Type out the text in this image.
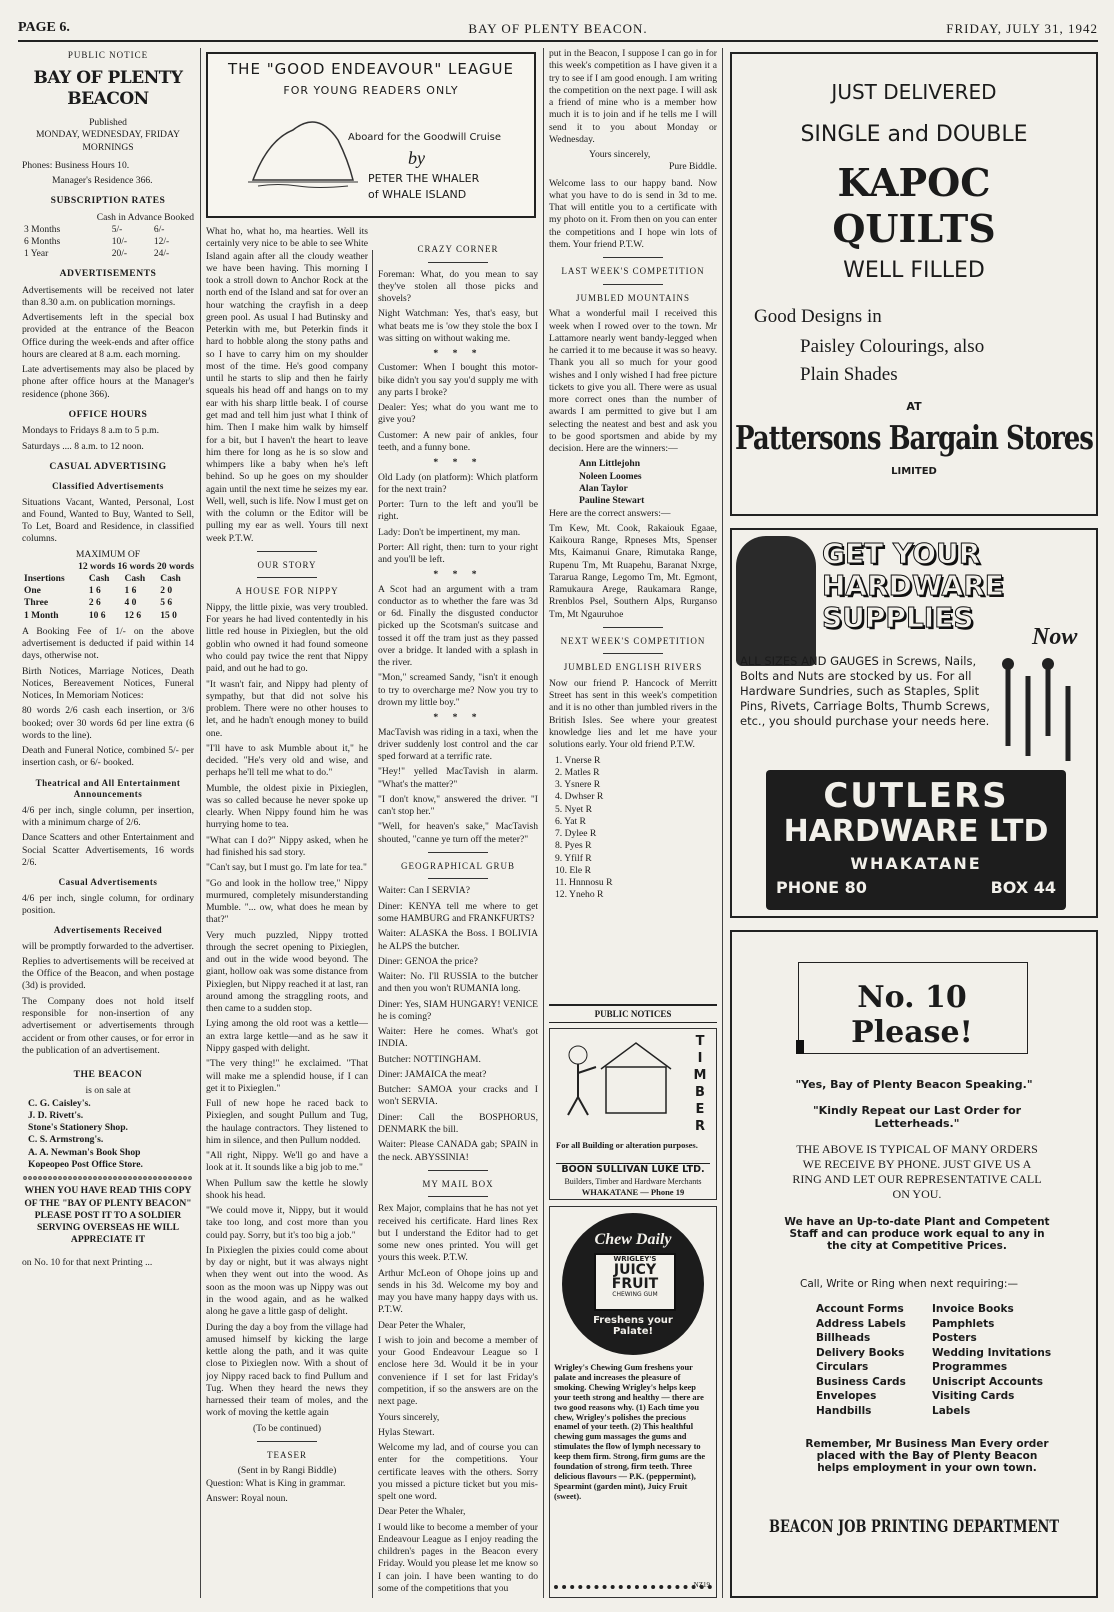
PAGE 6.	BAY OF PLENTY BEACON.	FRIDAY, JULY 31, 1942
PUBLIC NOTICE
BAY OF PLENTY BEACON
Published
MONDAY, WEDNESDAY, FRIDAY MORNINGS

Phones: Business Hours 10.

Manager's Residence 366.

SUBSCRIPTION RATES
Cash in Advance Booked
3 Months	5/-	6/-
6 Months	10/-	12/-
1 Year	20/-	24/-
ADVERTISEMENTS

Advertisements will be received not later than 8.30 a.m. on publication mornings.

Advertisements left in the special box provided at the entrance of the Beacon Office during the week-ends and after office hours are cleared at 8 a.m. each morning.

Late advertisements may also be placed by phone after office hours at the Manager's residence (phone 366).

OFFICE HOURS

Mondays to Fridays 8 a.m to 5 p.m.

Saturdays .... 8 a.m. to 12 noon.

CASUAL ADVERTISING
Classified Advertisements

Situations Vacant, Wanted, Personal, Lost and Found, Wanted to Buy, Wanted to Sell, To Let, Board and Residence, in classified columns.

MAXIMUM OF
12 words 16 words 20 words
Insertions	Cash	Cash	Cash
One	1 6	1 6	2 0
Three	2 6	4 0	5 6
1 Month	10 6	12 6	15 0

A Booking Fee of 1/- on the above advertisement is deducted if paid within 14 days, otherwise not.

Birth Notices, Marriage Notices, Death Notices, Bereavement Notices, Funeral Notices, In Memoriam Notices:

80 words 2/6 cash each insertion, or 3/6 booked; over 30 words 6d per line extra (6 words to the line).

Death and Funeral Notice, combined 5/- per insertion cash, or 6/- booked.

Theatrical and All Entertainment Announcements

4/6 per inch, single column, per insertion, with a minimum charge of 2/6.

Dance Scatters and other Entertainment and Social Scatter Advertisements, 16 words 2/6.

Casual Advertisements

4/6 per inch, single column, for ordinary position.

Advertisements Received

will be promptly forwarded to the advertiser.

Replies to advertisements will be received at the Office of the Beacon, and when postage (3d) is provided.

The Company does not hold itself responsible for non-insertion of any advertisement or advertisements through accident or from other causes, or for error in the publication of an advertisement.

THE BEACON
is on sale at
C. G. Caisley's.
J. D. Rivett's.
Stone's Stationery Shop.
C. S. Armstrong's.
A. A. Newman's Book Shop
Kopeopeo Post Office Store.
oooooooooooooooooooooooooooooooooo

WHEN YOU HAVE READ THIS COPY OF THE "BAY OF PLENTY BEACON" PLEASE POST IT TO A SOLDIER SERVING OVERSEAS HE WILL APPRECIATE IT

on No. 10 for that next Printing ...

THE "GOOD ENDEAVOUR" LEAGUE
FOR YOUNG READERS ONLY
Aboard for the Goodwill Cruise
by
PETER THE WHALER
of WHALE ISLAND

What ho, what ho, ma hearties. Well its certainly very nice to be able to see White Island again after all the cloudy weather we have been having. This morning I took a stroll down to Anchor Rock at the north end of the Island and sat for over an hour watching the crayfish in a deep green pool. As usual I had Butinsky and Peterkin with me, but Peterkin finds it hard to hobble along the stony paths and so I have to carry him on my shoulder most of the time. He's good company until he starts to slip and then he fairly squeals his head off and hangs on to my ear with his sharp little beak. I of course get mad and tell him just what I think of him. Then I make him walk by himself for a bit, but I haven't the heart to leave him there for long as he is so slow and whimpers like a baby when he's left behind. So up he goes on my shoulder again until the next time he seizes my ear. Well, well, such is life. Now I must get on with the column or the Editor will be pulling my ear as well. Yours till next week P.T.W.

OUR STORY
A HOUSE FOR NIPPY

Nippy, the little pixie, was very troubled. For years he had lived contentedly in his little red house in Pixieglen, but the old goblin who owned it had found someone who could pay twice the rent that Nippy paid, and out he had to go.

"It wasn't fair, and Nippy had plenty of sympathy, but that did not solve his problem. There were no other houses to let, and he hadn't enough money to build one.

"I'll have to ask Mumble about it," he decided. "He's very old and wise, and perhaps he'll tell me what to do."

Mumble, the oldest pixie in Pixieglen, was so called because he never spoke up clearly. When Nippy found him he was hurrying home to tea.

"What can I do?" Nippy asked, when he had finished his sad story.

"Can't say, but I must go. I'm late for tea."

"Go and look in the hollow tree," Nippy murmured, completely misunderstanding Mumble. "... ow, what does he mean by that?"

Very much puzzled, Nippy trotted through the secret opening to Pixieglen, and out in the wide wood beyond. The giant, hollow oak was some distance from Pixieglen, but Nippy reached it at last, ran around among the straggling roots, and then came to a sudden stop.

Lying among the old root was a kettle—an extra large kettle—and as he saw it Nippy gasped with delight.

"The very thing!" he exclaimed. "That will make me a splendid house, if I can get it to Pixieglen."

Full of new hope he raced back to Pixieglen, and sought Pullum and Tug, the haulage contractors. They listened to him in silence, and then Pullum nodded.

"All right, Nippy. We'll go and have a look at it. It sounds like a big job to me."

When Pullum saw the kettle he slowly shook his head.

"We could move it, Nippy, but it would take too long, and cost more than you could pay. Sorry, but it's too big a job."

In Pixieglen the pixies could come about by day or night, but it was always night when they went out into the wood. As soon as the moon was up Nippy was out in the wood again, and as he walked along he gave a little gasp of delight.

During the day a boy from the village had amused himself by kicking the large kettle along the path, and it was quite close to Pixieglen now. With a shout of joy Nippy raced back to find Pullum and Tug. When they heard the news they harnessed their team of moles, and the work of moving the kettle again

(To be continued)
TEASER
(Sent in by Rangi Biddle)

Question: What is King in grammar.

Answer: Royal noun.

CRAZY CORNER

Foreman: What, do you mean to say they've stolen all those picks and shovels?

Night Watchman: Yes, that's easy, but what beats me is 'ow they stole the box I was sitting on without waking me.

* * *

Customer: When I bought this motor-bike didn't you say you'd supply me with any parts I broke?

Dealer: Yes; what do you want me to give you?

Customer: A new pair of ankles, four teeth, and a funny bone.

* * *

Old Lady (on platform): Which platform for the next train?

Porter: Turn to the left and you'll be right.

Lady: Don't be impertinent, my man.

Porter: All right, then: turn to your right and you'll be left.

* * *

A Scot had an argument with a tram conductor as to whether the fare was 3d or 6d. Finally the disgusted conductor picked up the Scotsman's suitcase and tossed it off the tram just as they passed over a bridge. It landed with a splash in the river.

"Mon," screamed Sandy, "isn't it enough to try to overcharge me? Now you try to drown my little boy."

* * *

MacTavish was riding in a taxi, when the driver suddenly lost control and the car sped forward at a terrific rate.

"Hey!" yelled MacTavish in alarm. "What's the matter?"

"I don't know," answered the driver. "I can't stop her."

"Well, for heaven's sake," MacTavish shouted, "canne ye turn off the meter?"

GEOGRAPHICAL GRUB

Waiter: Can I SERVIA?

Diner: KENYA tell me where to get some HAMBURG and FRANKFURTS?

Waiter: ALASKA the Boss. I BOLIVIA he ALPS the butcher.

Diner: GENOA the price?

Waiter: No. I'll RUSSIA to the butcher and then you won't RUMANIA long.

Diner: Yes, SIAM HUNGARY! VENICE he is coming?

Waiter: Here he comes. What's got INDIA.

Butcher: NOTTINGHAM.

Diner: JAMAICA the meat?

Butcher: SAMOA your cracks and I won't SERVIA.

Diner: Call the BOSPHORUS, DENMARK the bill.

Waiter: Please CANADA gab; SPAIN in the neck. ABYSSINIA!

MY MAIL BOX

Rex Major, complains that he has not yet received his certificate. Hard lines Rex but I understand the Editor had to get some new ones printed. You will get yours this week. P.T.W.

Arthur McLeon of Ohope joins up and sends in his 3d. Welcome my boy and may you have many happy days with us. P.T.W.

Dear Peter the Whaler,

I wish to join and become a member of your Good Endeavour League so I enclose here 3d. Would it be in your convenience if I set for last Friday's competition, if so the answers are on the next page.

Yours sincerely,

Hylas Stewart.

Welcome my lad, and of course you can enter for the competitions. Your certificate leaves with the others. Sorry you missed a picture ticket but you mis-spelt one word.

Dear Peter the Whaler,

I would like to become a member of your Endeavour League as I enjoy reading the children's pages in the Beacon every Friday. Would you please let me know so I can join. I have been wanting to do some of the competitions that you

put in the Beacon, I suppose I can go in for this week's competition as I have given it a try to see if I am good enough. I am writing the competition on the next page. I will ask a friend of mine who is a member how much it is to join and if he tells me I will send it to you about Monday or Wednesday.

Yours sincerely,
Pure Biddle.

Welcome lass to our happy band. Now what you have to do is send in 3d to me. That will entitle you to a certificate with my photo on it. From then on you can enter the competitions and I hope win lots of them. Your friend P.T.W.

LAST WEEK'S COMPETITION
JUMBLED MOUNTAINS

What a wonderful mail I received this week when I rowed over to the town. Mr Lattamore nearly went bandy-legged when he carried it to me because it was so heavy. Thank you all so much for your good wishes and I only wished I had free picture tickets to give you all. There were as usual more correct ones than the number of awards I am permitted to give but I am selecting the neatest and best and ask you to be good sportsmen and abide by my decision. Here are the winners:—

Ann Littlejohn
Noleen Loomes
Alan Taylor
Pauline Stewart

Here are the correct answers:—

Tm Kew, Mt. Cook, Rakaiouk Egaae, Kaikoura Range, Rpneses Mts, Spenser Mts, Kaimanui Gnare, Rimutaka Range, Rupenu Tm, Mt Ruapehu, Baranat Nxrge, Tararua Range, Legomo Tm, Mt. Egmont, Ramukaura Arege, Raukamara Range, Rrenblos Psel, Southern Alps, Rurganso Tm, Mt Ngauruhoe

NEXT WEEK'S COMPETITION
JUMBLED ENGLISH RIVERS

Now our friend P. Hancock of Merritt Street has sent in this week's competition and it is no other than jumbled rivers in the British Isles. See where your greatest knowledge lies and let me have your solutions early. Your old friend P.T.W.

1. Vnerse R
2. Matles R
3. Ysnere R
4. Dwhser R
5. Nyet R
6. Yat R
7. Dylee R
8. Pyes R
9. Yfilf R
10. Ele R
11. Hnnnosu R
12. Yneho R
PUBLIC NOTICES
T
I
M
B
E
R
For all Building or alteration purposes.
BOON SULLIVAN LUKE LTD.
Builders, Timber and Hardware Merchants
WHAKATANE — Phone 19
Chew Daily
WRIGLEY'S
JUICY FRUIT
CHEWING GUM
Freshens your Palate!

Wrigley's Chewing Gum freshens your palate and increases the pleasure of smoking. Chewing Wrigley's helps keep your teeth strong and healthy — there are two good reasons why. (1) Each time you chew, Wrigley's polishes the precious enamel of your teeth. (2) This healthful chewing gum massages the gums and stimulates the flow of lymph necessary to keep them firm. Strong, firm gums are the foundation of strong, firm teeth. Three delicious flavours — P.K. (peppermint), Spearmint (garden mint), Juicy Fruit (sweet).

NZ19
JUST DELIVERED
SINGLE and DOUBLE
KAPOC
QUILTS
WELL FILLED
Good Designs in
Paisley Colourings, also
Plain Shades
AT
Pattersons Bargain Stores
LIMITED
GET YOUR
HARDWARE
SUPPLIES
Now

ALL SIZES AND GAUGES in Screws, Nails, Bolts and Nuts are stocked by us. For all Hardware Sundries, such as Staples, Split Pins, Rivets, Carriage Bolts, Thumb Screws, etc., you should purchase your needs here.

CUTLERS
HARDWARE LTD
WHAKATANE
PHONE 80	BOX 44
No. 10 Please!
"Yes, Bay of Plenty Beacon Speaking."
"Kindly Repeat our Last Order for Letterheads."
THE ABOVE IS TYPICAL OF MANY ORDERS WE RECEIVE BY PHONE. JUST GIVE US A RING AND LET OUR REPRESENTATIVE CALL ON YOU.
We have an Up-to-date Plant and Competent Staff and can produce work equal to any in the city at Competitive Prices.
Call, Write or Ring when next requiring:—
Account Forms
Address Labels
Billheads
Delivery Books
Circulars
Business Cards
Envelopes
Handbills
Invoice Books
Pamphlets
Posters
Wedding Invitations
Programmes
Uniscript Accounts
Visiting Cards
Labels
Remember, Mr Business Man Every order placed with the Bay of Plenty Beacon helps employment in your own town.
BEACON JOB PRINTING DEPARTMENT
